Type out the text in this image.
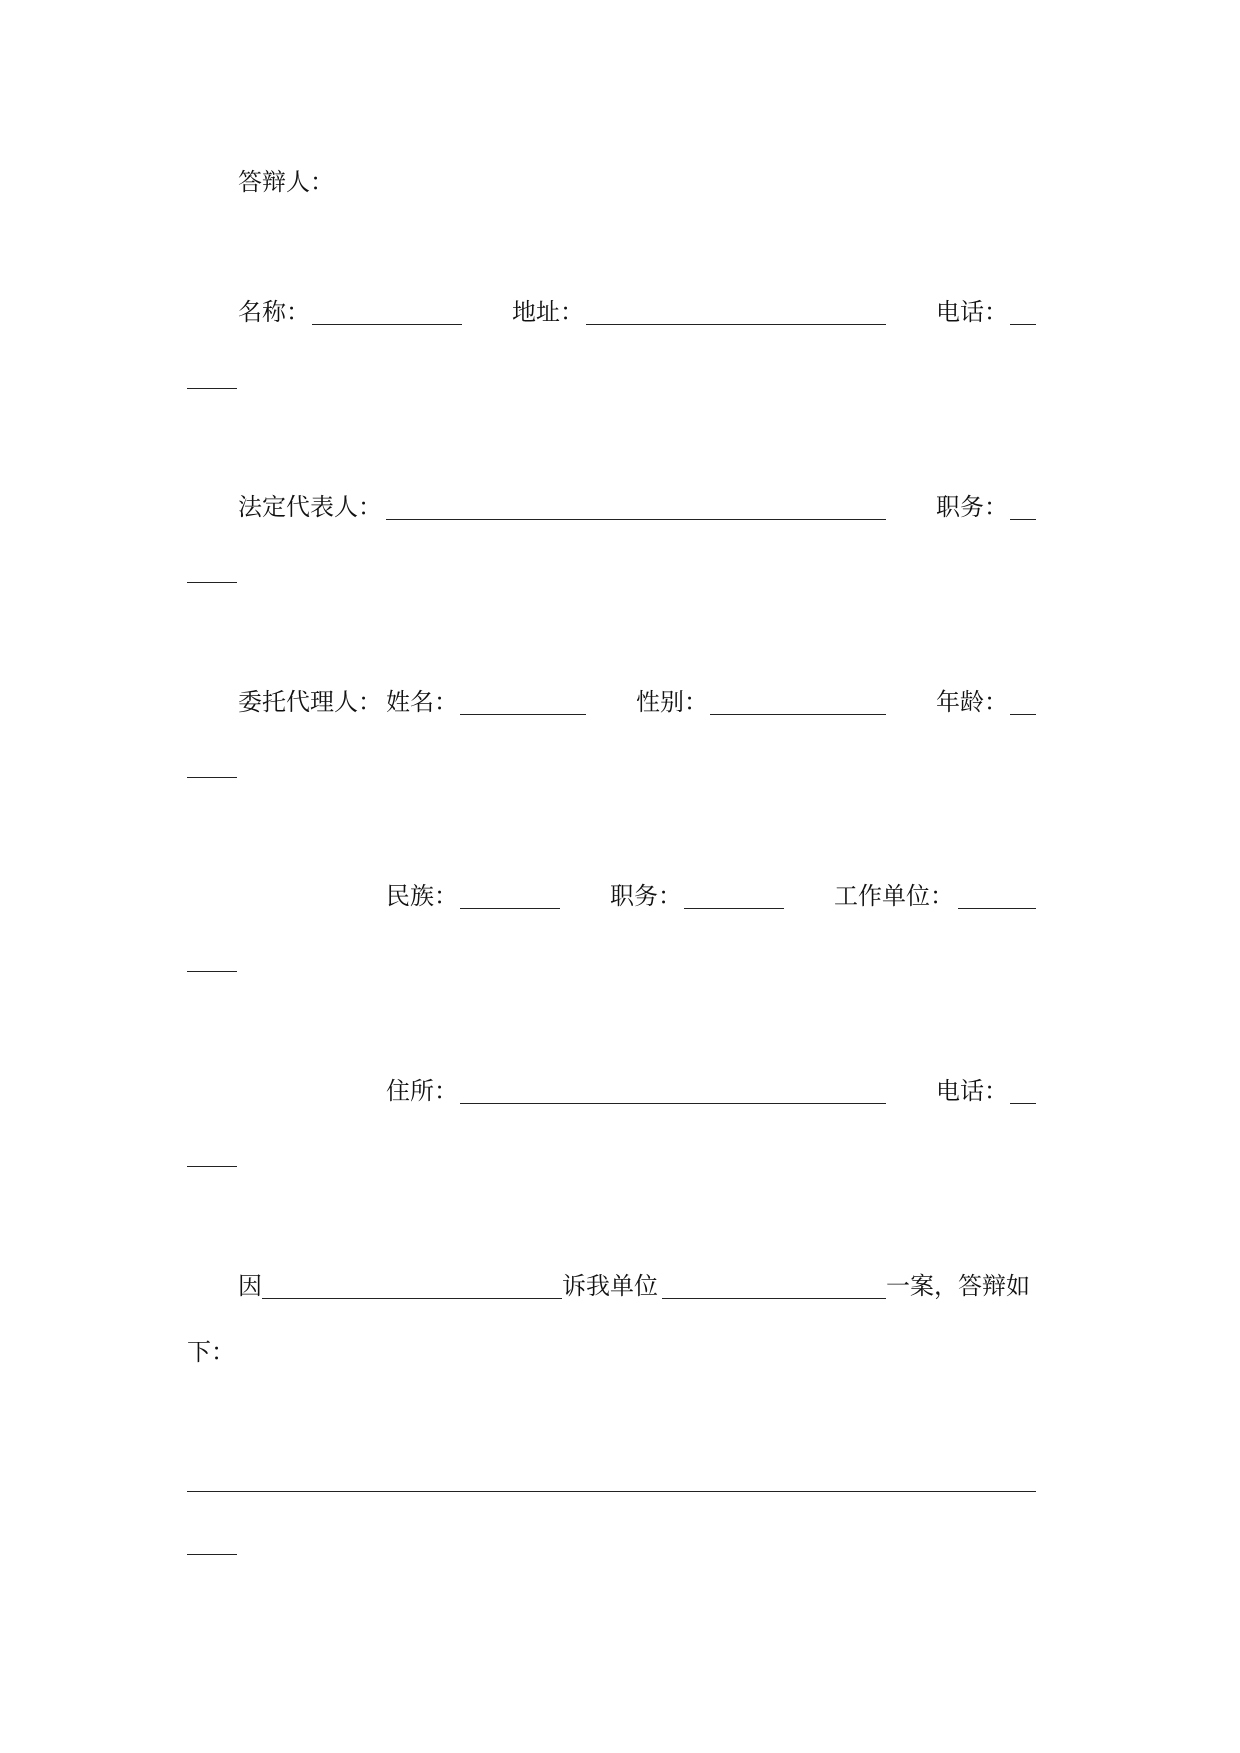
答辩人：
名称：	地址：	电话：
法定代表人：	职务：
委托代理人： 姓名：	性别：	年龄：
民族：	职务：	工作单位：
住所：	电话：
因	诉我单位	一案，答辩如
下：
